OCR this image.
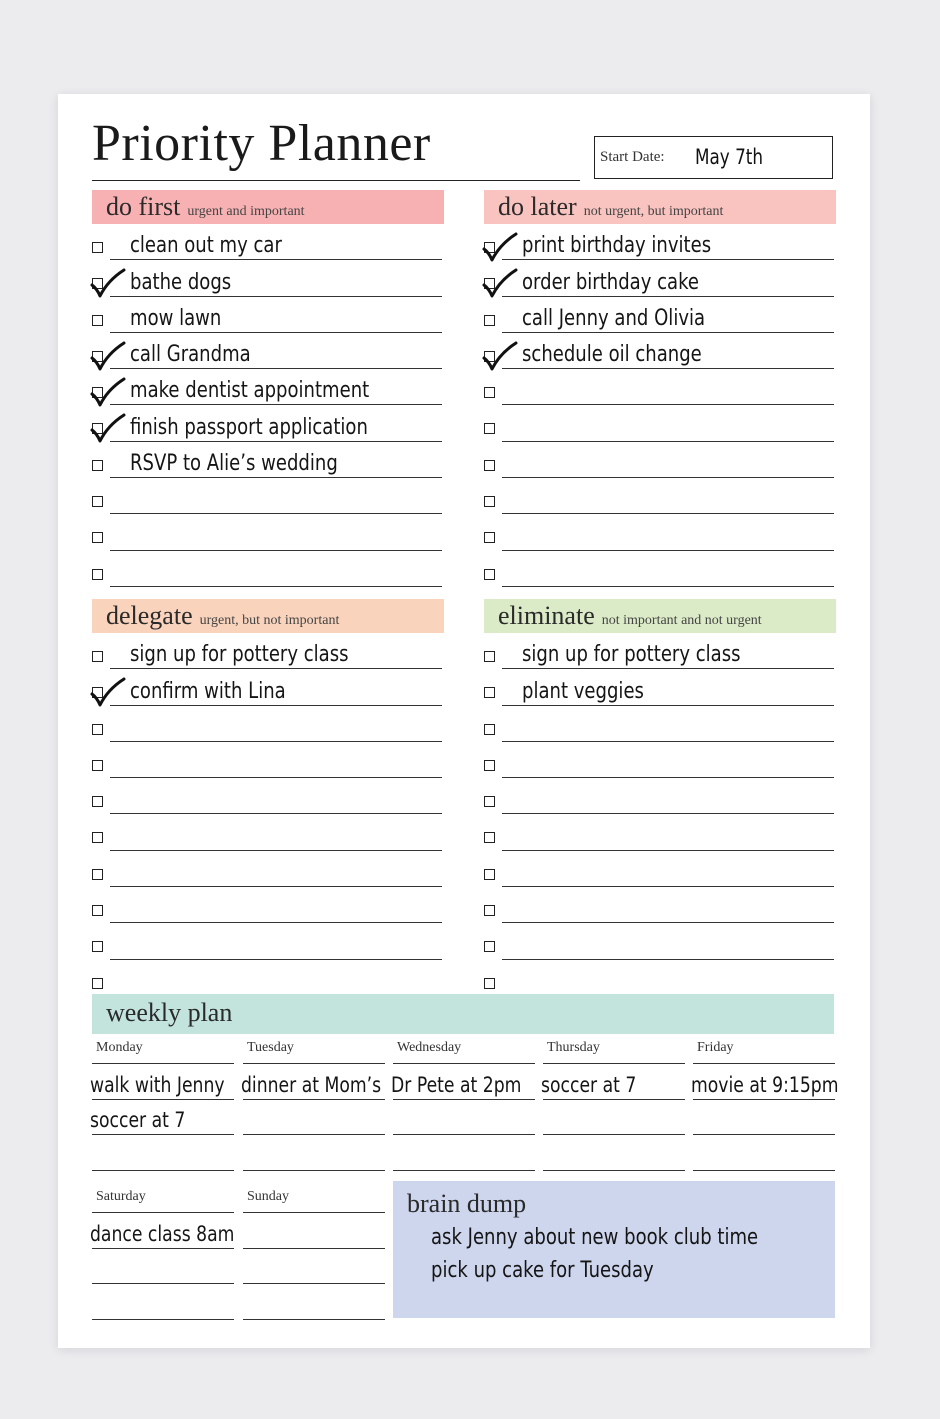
Priority Planner	Start Date: May 7th
do first urgent and important
clean out my car
bathe dogs
mow lawn
call Grandma
make dentist appointment
finish passport application
RSVP to Alie’s wedding
do later not urgent, but important
print birthday invites
order birthday cake
call Jenny and Olivia
schedule oil change
delegate urgent, but not important
sign up for pottery class
confirm with Lina
eliminate not important and not urgent
sign up for pottery class
plant veggies
weekly plan
Monday
walk with Jenny
soccer at 7
Tuesday
dinner at Mom’s
Wednesday
Dr Pete at 2pm
Thursday
soccer at 7
Friday
movie at 9:15pm
Saturday
dance class 8am
Sunday	brain dump
ask Jenny about new book club time
pick up cake for Tuesday
